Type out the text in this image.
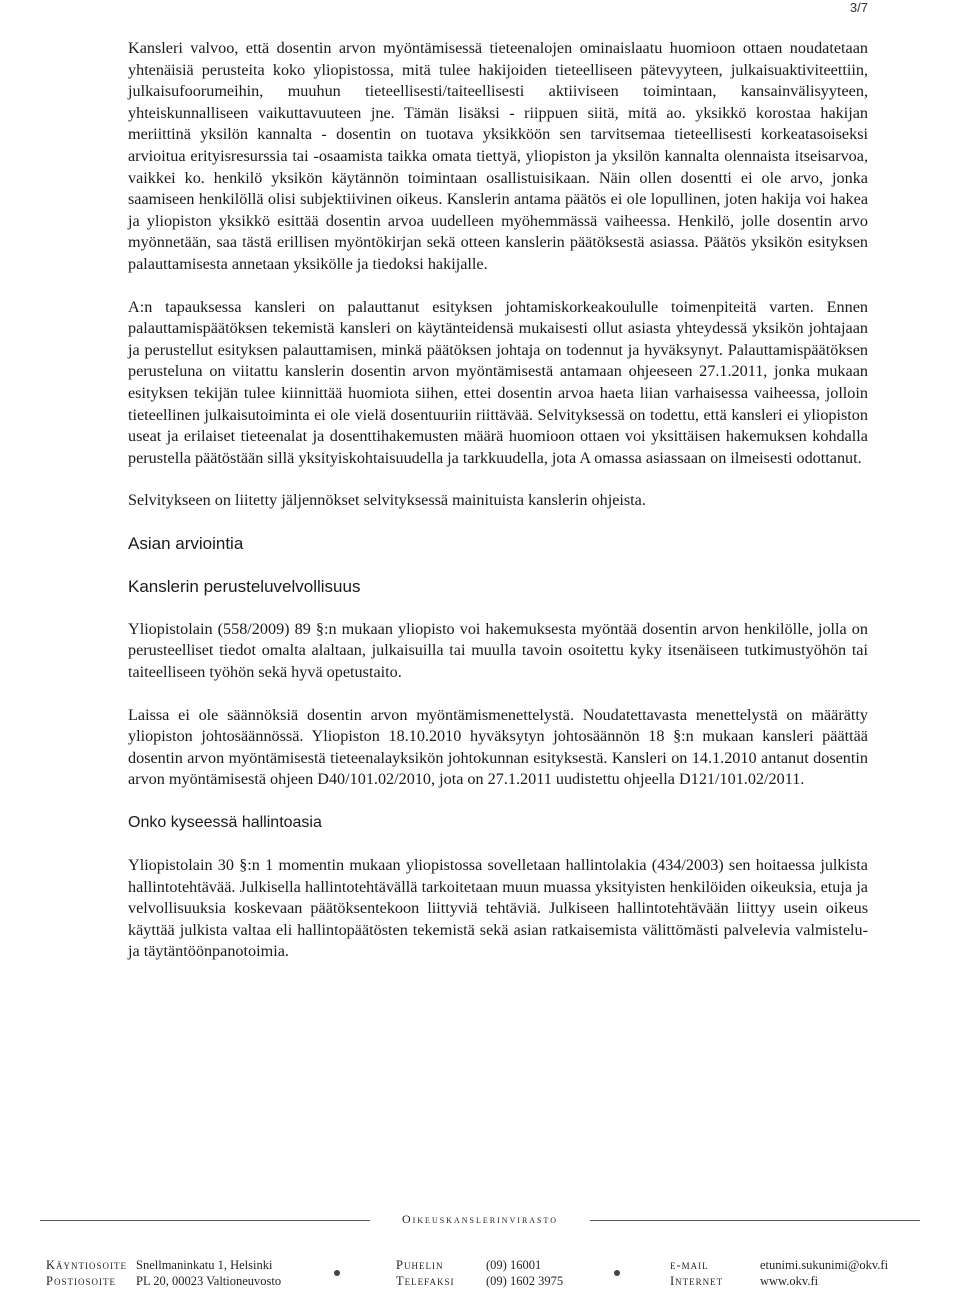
3/7

Kansleri valvoo, että dosentin arvon myöntämisessä tieteenalojen ominaislaatu huomioon ottaen noudatetaan yhtenäisiä perusteita koko yliopistossa, mitä tulee hakijoiden tieteelliseen pätevyyteen, julkaisuaktiviteettiin, julkaisufoorumeihin, muuhun tieteellisesti/taiteellisesti aktiiviseen toimintaan, kansainvälisyyteen, yhteiskunnalliseen vaikuttavuuteen jne. Tämän lisäksi - riippuen siitä, mitä ao. yksikkö korostaa hakijan meriittinä yksilön kannalta - dosentin on tuotava yksikköön sen tarvitsemaa tieteellisesti korkeatasoiseksi arvioitua erityisresurssia tai -osaamista taikka omata tiettyä, yliopiston ja yksilön kannalta olennaista itseisarvoa, vaikkei ko. henkilö yksikön käytännön toimintaan osallistuisikaan. Näin ollen dosentti ei ole arvo, jonka saamiseen henkilöllä olisi subjektiivinen oikeus. Kanslerin antama päätös ei ole lopullinen, joten hakija voi hakea ja yliopiston yksikkö esittää dosentin arvoa uudelleen myöhemmässä vaiheessa. Henkilö, jolle dosentin arvo myönnetään, saa tästä erillisen myöntökirjan sekä otteen kanslerin päätöksestä asiassa. Päätös yksikön esityksen palauttamisesta annetaan yksikölle ja tiedoksi hakijalle.

A:n tapauksessa kansleri on palauttanut esityksen johtamiskorkeakoululle toimenpiteitä varten. Ennen palauttamispäätöksen tekemistä kansleri on käytänteidensä mukaisesti ollut asiasta yhteydessä yksikön johtajaan ja perustellut esityksen palauttamisen, minkä päätöksen johtaja on todennut ja hyväksynyt. Palauttamispäätöksen perusteluna on viitattu kanslerin dosentin arvon myöntämisestä antamaan ohjeeseen 27.1.2011, jonka mukaan esityksen tekijän tulee kiinnittää huomiota siihen, ettei dosentin arvoa haeta liian varhaisessa vaiheessa, jolloin tieteellinen julkaisutoiminta ei ole vielä dosentuuriin riittävää. Selvityksessä on todettu, että kansleri ei yliopiston useat ja erilaiset tieteenalat ja dosenttihakemusten määrä huomioon ottaen voi yksittäisen hakemuksen kohdalla perustella päätöstään sillä yksityiskohtaisuudella ja tarkkuudella, jota A omassa asiassaan on ilmeisesti odottanut.

Selvitykseen on liitetty jäljennökset selvityksessä mainituista kanslerin ohjeista.

Asian arviointia
Kanslerin perusteluvelvollisuus

Yliopistolain (558/2009) 89 §:n mukaan yliopisto voi hakemuksesta myöntää dosentin arvon henkilölle, jolla on perusteelliset tiedot omalta alaltaan, julkaisuilla tai muulla tavoin osoitettu kyky itsenäiseen tutkimustyöhön tai taiteelliseen työhön sekä hyvä opetustaito.

Laissa ei ole säännöksiä dosentin arvon myöntämismenettelystä. Noudatettavasta menettelystä on määrätty yliopiston johtosäännössä. Yliopiston 18.10.2010 hyväksytyn johtosäännön 18 §:n mukaan kansleri päättää dosentin arvon myöntämisestä tieteenalayksikön johtokunnan esityksestä. Kansleri on 14.1.2010 antanut dosentin arvon myöntämisestä ohjeen D40/101.02/2010, jota on 27.1.2011 uudistettu ohjeella D121/101.02/2011.

Onko kyseessä hallintoasia

Yliopistolain 30 §:n 1 momentin mukaan yliopistossa sovelletaan hallintolakia (434/2003) sen hoitaessa julkista hallintotehtävää. Julkisella hallintotehtävällä tarkoitetaan muun muassa yksityisten henkilöiden oikeuksia, etuja ja velvollisuuksia koskevaan päätöksentekoon liittyviä tehtäviä. Julkiseen hallintotehtävään liittyy usein oikeus käyttää julkista valtaa eli hallintopäätösten tekemistä sekä asian ratkaisemista välittömästi palvelevia valmistelu- ja täytäntöönpanotoimia.

Oikeuskanslerinvirasto
Käyntiosoite Snellmaninkatu 1, Helsinki	Puhelin	(09) 16001	e-mail	etunimi.sukunimi@okv.fi
Postiosoite PL 20, 00023 Valtioneuvosto	Telefaksi	(09) 1602 3975	Internet	www.okv.fi
